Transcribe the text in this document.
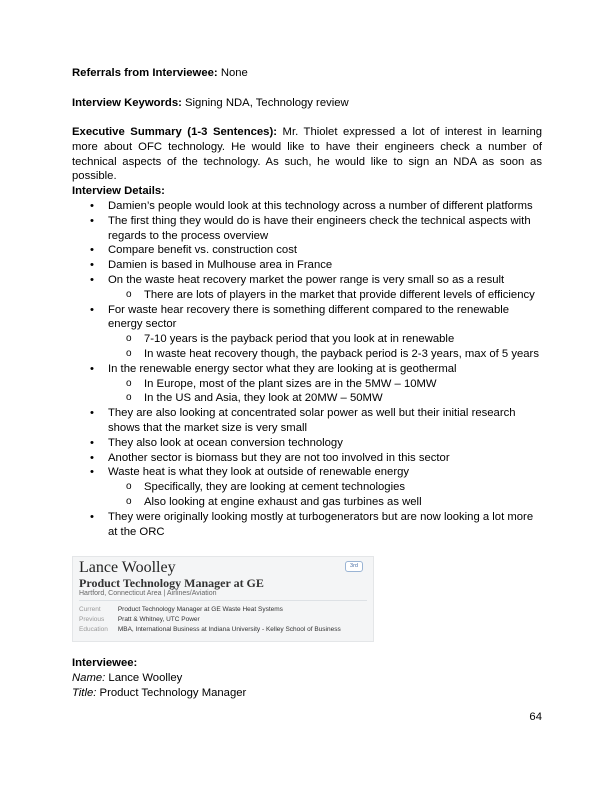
Referrals from Interviewee: None
Interview Keywords: Signing NDA, Technology review
Executive Summary (1-3 Sentences): Mr. Thiolet expressed a lot of interest in learning more about OFC technology. He would like to have their engineers check a number of technical aspects of the technology. As such, he would like to sign an NDA as soon as possible.
Interview Details:
• Damien’s people would look at this technology across a number of different platforms
• The first thing they would do is have their engineers check the technical aspects with regards to the process overview
• Compare benefit vs. construction cost
• Damien is based in Mulhouse area in France
• On the waste heat recovery market the power range is very small so as a result
o There are lots of players in the market that provide different levels of efficiency
• For waste hear recovery there is something different compared to the renewable energy sector
o 7-10 years is the payback period that you look at in renewable
o In waste heat recovery though, the payback period is 2-3 years, max of 5 years
• In the renewable energy sector what they are looking at is geothermal
o In Europe, most of the plant sizes are in the 5MW – 10MW
o In the US and Asia, they look at 20MW – 50MW
• They are also looking at concentrated solar power as well but their initial research shows that the market size is very small
• They also look at ocean conversion technology
• Another sector is biomass but they are not too involved in this sector
• Waste heat is what they look at outside of renewable energy
o Specifically, they are looking at cement technologies
o Also looking at engine exhaust and gas turbines as well
• They were originally looking mostly at turbogenerators but are now looking a lot more at the ORC
Lance Woolley	3rd
Product Technology Manager at GE
Hartford, Connecticut Area | Airlines/Aviation
Current	Product Technology Manager at GE Waste Heat Systems
Previous Pratt & Whitney, UTC Power
Education MBA, International Business at Indiana University - Kelley School of Business
Interviewee:
Name: Lance Woolley
Title: Product Technology Manager
64
